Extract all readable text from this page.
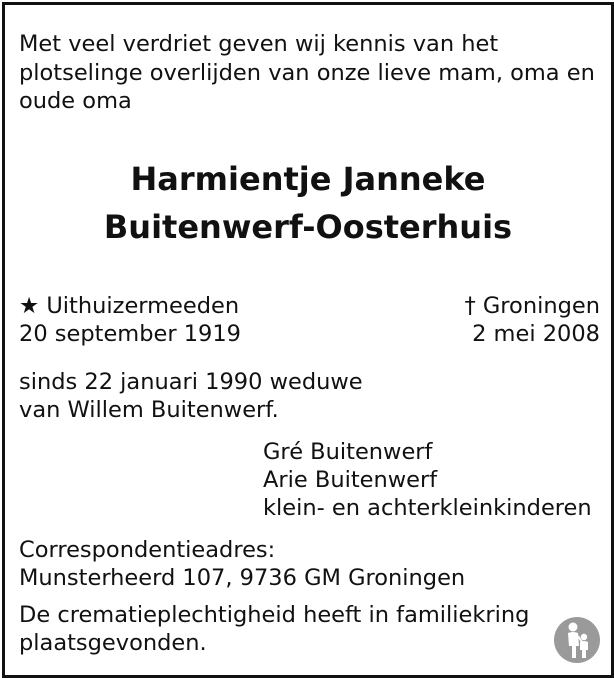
Met veel verdriet geven wij kennis van het
plotselinge overlijden van onze lieve mam, oma en
oude oma
Harmientje Janneke
Buitenwerf-Oosterhuis
★ Uithuizermeeden
20 september 1919
† Groningen
2 mei 2008
sinds 22 januari 1990 weduwe
van Willem Buitenwerf.
Gré Buitenwerf
Arie Buitenwerf
klein- en achterkleinkinderen
Correspondentieadres:
Munsterheerd 107, 9736 GM Groningen
De crematieplechtigheid heeft in familiekring
plaatsgevonden.
